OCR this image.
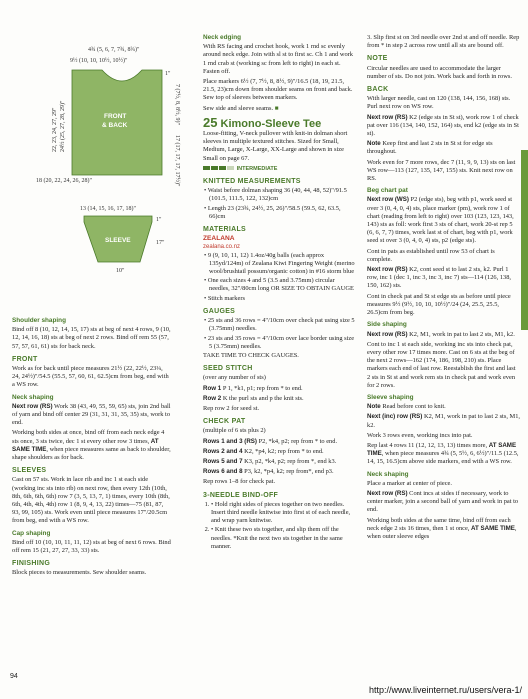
4¾ (5, 6, 7, 7¾, 8¾)"
9½ (10, 10, 10½, 10½)"
FRONT
& BACK
1"
18 (20, 22, 24, 26, 28)"
7 (7½, 8, 8½, 9)"
17 (17, 17, 17, 17½)"
24½ (25, 27, 28, 29)"
22, 23, 24, 27, 29"
13 (14, 15, 16, 17, 18)"
SLEEVE
1"
17"
10"
Shoulder shaping

Bind off 8 (10, 12, 14, 15, 17) sts at beg of next 4 rows, 9 (10, 12, 14, 16, 18) sts at beg of next 2 rows. Bind off rem 55 (57, 57, 57, 61, 61) sts for back neck.

FRONT

Work as for back until piece measures 21½ (22, 22½, 23¼, 24, 24½)"/54.5 (55.5, 57, 60, 61, 62.5)cm from beg, end with a WS row.

Neck shaping

Next row (RS) Work 38 (43, 49, 55, 59, 65) sts, join 2nd ball of yarn and bind off center 29 (31, 31, 31, 35, 35) sts, work to end.

Working both sides at once, bind off from each neck edge 4 sts once, 3 sts twice, dec 1 st every other row 3 times, AT SAME TIME, when piece measures same as back to shoulder, shape shoulders as for back.

SLEEVES

Cast on 57 sts. Work in lace rib and inc 1 st each side (working inc sts into rib) on next row, then every 12th (10th, 8th, 6th, 6th, 6th) row 7 (3, 5, 13, 7, 1) times, every 10th (8th, 6th, 4th, 4th, 4th) row 1 (8, 9, 4, 13, 22) times—75 (81, 87, 93, 99, 105) sts. Work even until piece measures 17"/20.5cm from beg, end with a WS row.

Cap shaping

Bind off 10 (10, 10, 11, 11, 12) sts at beg of next 6 rows. Bind off rem 15 (21, 27, 27, 33, 33) sts.

FINISHING

Block pieces to measurements. Sew shoulder seams.

Neck edging

With RS facing and crochet hook, work 1 rnd sc evenly around neck edge. Join with sl st to first sc. Ch 1 and work 1 rnd crab st (working sc from left to right) in each st. Fasten off.

Place markers 6½ (7, 7½, 8, 8½, 9)"/16.5 (18, 19, 21.5, 21.5, 23)cm down from shoulder seams on front and back. Sew top of sleeves between markers.

Sew side and sleeve seams. ■

25 Kimono-Sleeve Tee

Loose-fitting, V-neck pullover with knit-in dolman short sleeves in multiple textured stitches. Sized for Small, Medium, Large, X-Large, XX-Large and shown in size Small on page 67.

INTERMEDIATE

KNITTED MEASUREMENTS
• Waist before dolman shaping 36 (40, 44, 48, 52)"/91.5 (101.5, 111.5, 122, 132)cm
• Length 23 (23¾, 24½, 25, 26)"/58.5 (59.5, 62, 63.5, 66)cm
MATERIALS
ZEALANA
zealana.co.nz
• 9 (9, 10, 11, 12) 1.4oz/40g balls (each approx 135yd/124m) of Zealana Kiwi Fingering Weight (merino wool/brushtail possum/organic cotton) in #16 storm blue
• One each sizes 4 and 5 (3.5 and 3.75mm) circular needles, 32"/80cm long OR SIZE TO OBTAIN GAUGE
• Stitch markers
GAUGES
• 25 sts and 36 rows = 4"/10cm over check pat using size 5 (3.75mm) needles.
• 23 sts and 35 rows = 4"/10cm over lace border using size 5 (3.75mm) needles.

TAKE TIME TO CHECK GAUGES.

SEED STITCH

(over any number of sts)

Row 1 P 1, *k1, p1; rep from * to end.

Row 2 K the purl sts and p the knit sts.

Rep row 2 for seed st.

CHECK PAT

(multiple of 6 sts plus 2)

Rows 1 and 3 (RS) P2, *k4, p2; rep from * to end.

Rows 2 and 4 K2, *p4, k2; rep from * to end.

Rows 5 and 7 K3, p2, *k4, p2; rep from *, end k3.

Rows 6 and 8 P3, k2, *p4, k2; rep from*, end p3.

Rep rows 1–8 for check pat.

3-NEEDLE BIND-OFF
• 1. Hold right sides of pieces together on two needles. Insert third needle knitwise into first st of each needle, and wrap yarn knitwise.
• 2. Knit these two sts together, and slip them off the needles. *Knit the next two sts together in the same manner.

3. Slip first st on 3rd needle over 2nd st and off needle. Rep from * in step 2 across row until all sts are bound off.

NOTE

Circular needles are used to accommodate the larger number of sts. Do not join. Work back and forth in rows.

BACK

With larger needle, cast on 120 (138, 144, 156, 168) sts. Purl next row on WS row.

Next row (RS) K2 (edge sts in St st), work row 1 of check pat over 116 (134, 140, 152, 164) sts, end k2 (edge sts in St st).

Note Keep first and last 2 sts in St st for edge sts throughout.

Work even for 7 more rows, dec 7 (11, 9, 9, 13) sts on last WS row—113 (127, 135, 147, 155) sts. Knit next row on RS.

Beg chart pat

Next row (WS) P2 (edge sts), beg with p1, work seed st over 3 (0, 4, 0, 4) sts, place marker (pm), work row 1 of chart (reading from left to right) over 103 (123, 123, 143, 143) sts as foll: work first 3 sts of chart, work 20-st rep 5 (6, 6, 7, 7) times, work last st of chart, beg with p1, work seed st over 3 (0, 4, 0, 4) sts, p2 (edge sts).

Cont in pats as established until row 53 of chart is complete.

Next row (RS) K2, cont seed st to last 2 sts, k2. Purl 1 row, inc 1 (dec 1, inc 3, inc 3, inc 7) sts—114 (126, 138, 150, 162) sts.

Cont in check pat and St st edge sts as before until piece measures 9½ (9½, 10, 10, 10½)"/24 (24, 25.5, 25.5, 26.5)cm from beg.

Side shaping

Next row (RS) K2, M1, work in pat to last 2 sts, M1, k2.

Cont to inc 1 st each side, working inc sts into check pat, every other row 17 times more. Cast on 6 sts at the beg of the next 2 rows—162 (174, 186, 198, 210) sts. Place markers each end of last row. Reestablish the first and last 2 sts in St st and work rem sts in check pat and work even for 2 rows.

Sleeve shaping

Note Read before cont to knit.

Next (inc) row (RS) K2, M1, work in pat to last 2 sts, M1, k2.

Work 3 rows even, working incs into pat.

Rep last 4 rows 11 (12, 12, 13, 13) times more, AT SAME TIME, when piece measures 4¾ (5, 5½, 6, 6½)"/11.5 (12.5, 14, 15, 16.5)cm above side markers, end with a WS row.

Neck shaping

Place a marker at center of piece.

Next row (RS) Cont incs at sides if necessary, work to center marker, join a second ball of yarn and work in pat to end.

Working both sides at the same time, bind off from each neck edge 2 sts 16 times, then 1 st once, AT SAME TIME, when outer sleeve edges

94
http://www.liveinternet.ru/users/vera-1/
